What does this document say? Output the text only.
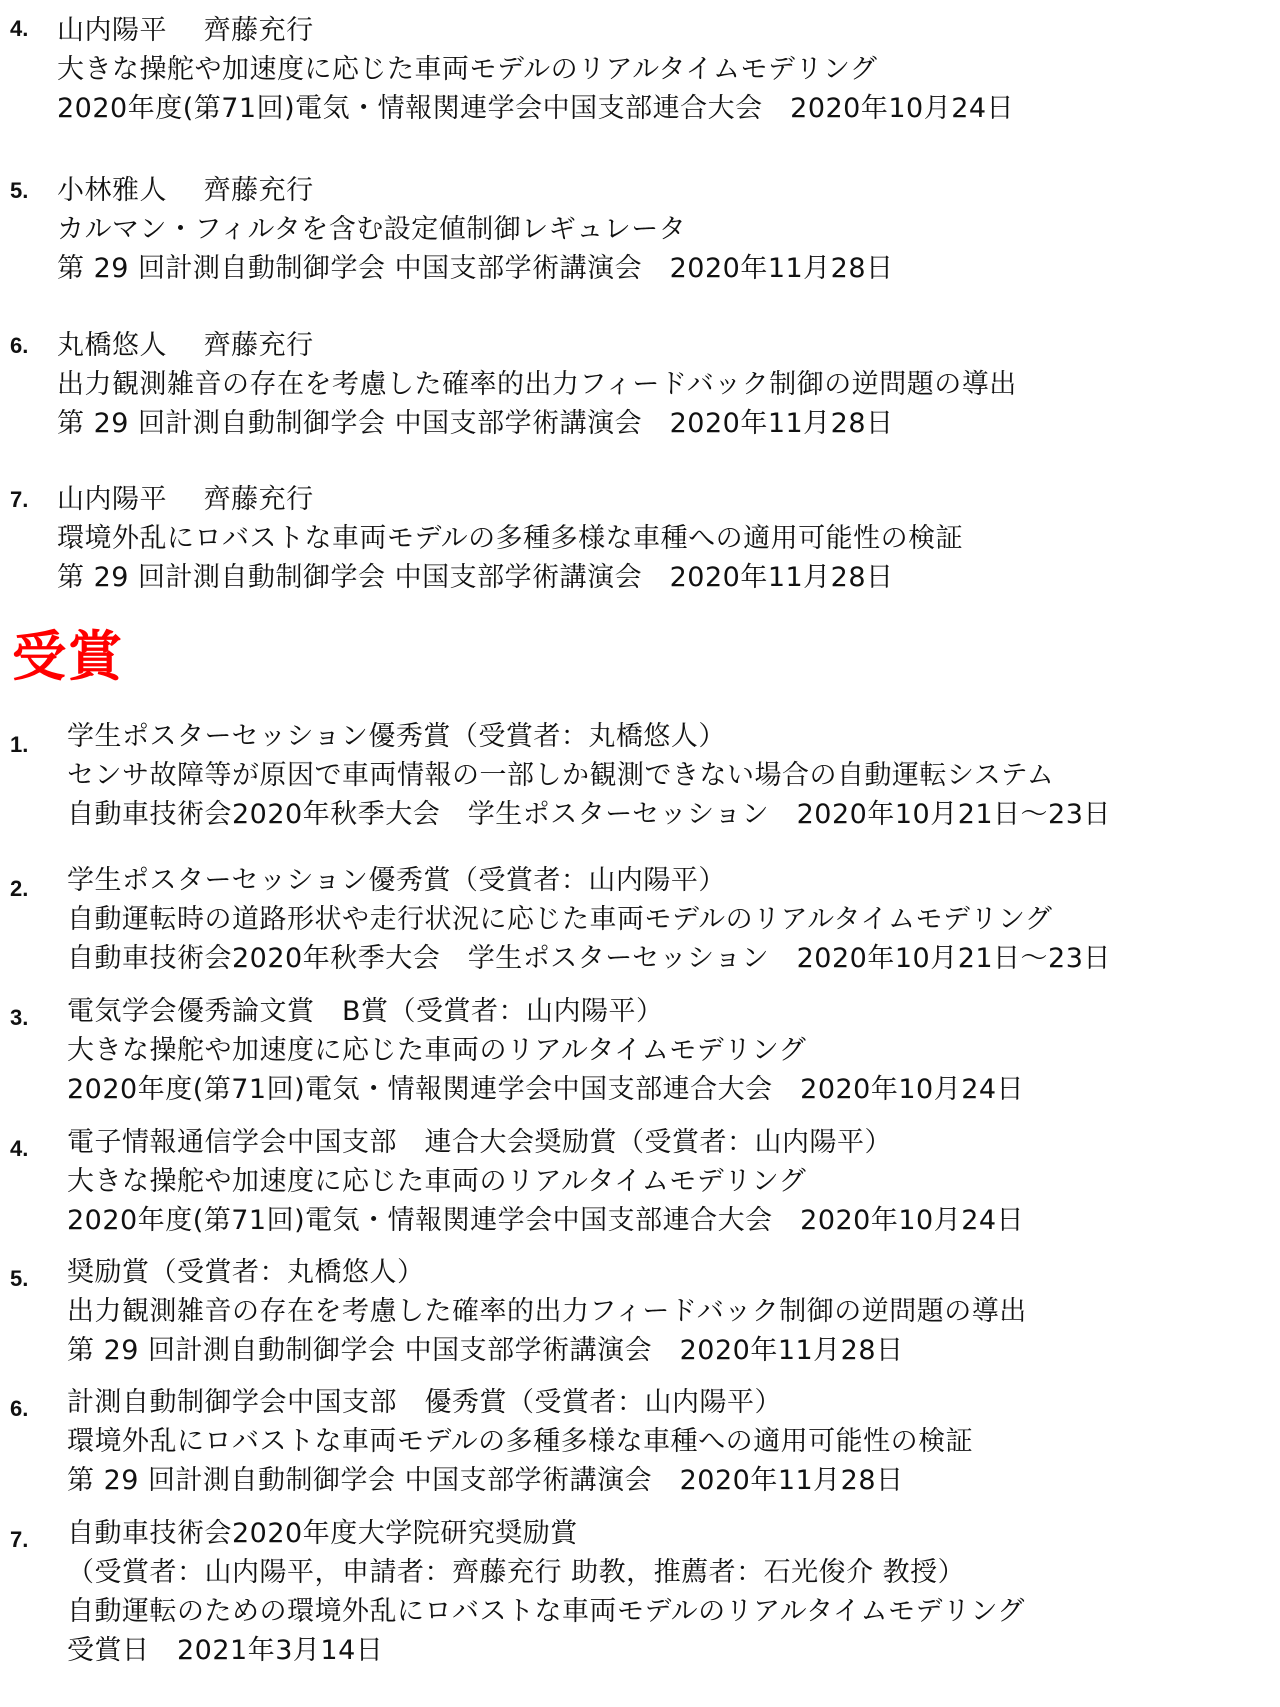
4. 山内陽平　 齊藤充行
大きな操舵や加速度に応じた車両モデルのリアルタイムモデリング
2020年度(第71回)電気・情報関連学会中国支部連合大会　2020年10月24日
5. 小林雅人　 齊藤充行
カルマン・フィルタを含む設定値制御レギュレータ
第 29 回計測自動制御学会 中国支部学術講演会　2020年11月28日
6. 丸橋悠人　 齊藤充行
出力観測雑音の存在を考慮した確率的出力フィードバック制御の逆問題の導出
第 29 回計測自動制御学会 中国支部学術講演会　2020年11月28日
7. 山内陽平　 齊藤充行
環境外乱にロバストな車両モデルの多種多様な車種への適用可能性の検証
第 29 回計測自動制御学会 中国支部学術講演会　2020年11月28日
受賞
1. 学生ポスターセッション優秀賞（受賞者：丸橋悠人）
センサ故障等が原因で車両情報の一部しか観測できない場合の自動運転システム
自動車技術会2020年秋季大会　学生ポスターセッション　2020年10月21日～23日
2. 学生ポスターセッション優秀賞（受賞者：山内陽平）
自動運転時の道路形状や走行状況に応じた車両モデルのリアルタイムモデリング
自動車技術会2020年秋季大会　学生ポスターセッション　2020年10月21日～23日
3. 電気学会優秀論文賞　B賞（受賞者：山内陽平）
大きな操舵や加速度に応じた車両のリアルタイムモデリング
2020年度(第71回)電気・情報関連学会中国支部連合大会　2020年10月24日
4. 電子情報通信学会中国支部　連合大会奨励賞（受賞者：山内陽平）
大きな操舵や加速度に応じた車両のリアルタイムモデリング
2020年度(第71回)電気・情報関連学会中国支部連合大会　2020年10月24日
5. 奨励賞（受賞者：丸橋悠人）
出力観測雑音の存在を考慮した確率的出力フィードバック制御の逆問題の導出
第 29 回計測自動制御学会 中国支部学術講演会　2020年11月28日
6. 計測自動制御学会中国支部　優秀賞（受賞者：山内陽平）
環境外乱にロバストな車両モデルの多種多様な車種への適用可能性の検証
第 29 回計測自動制御学会 中国支部学術講演会　2020年11月28日
7. 自動車技術会2020年度大学院研究奨励賞
（受賞者：山内陽平，申請者：齊藤充行 助教，推薦者：石光俊介 教授）
自動運転のための環境外乱にロバストな車両モデルのリアルタイムモデリング
受賞日　2021年3月14日
